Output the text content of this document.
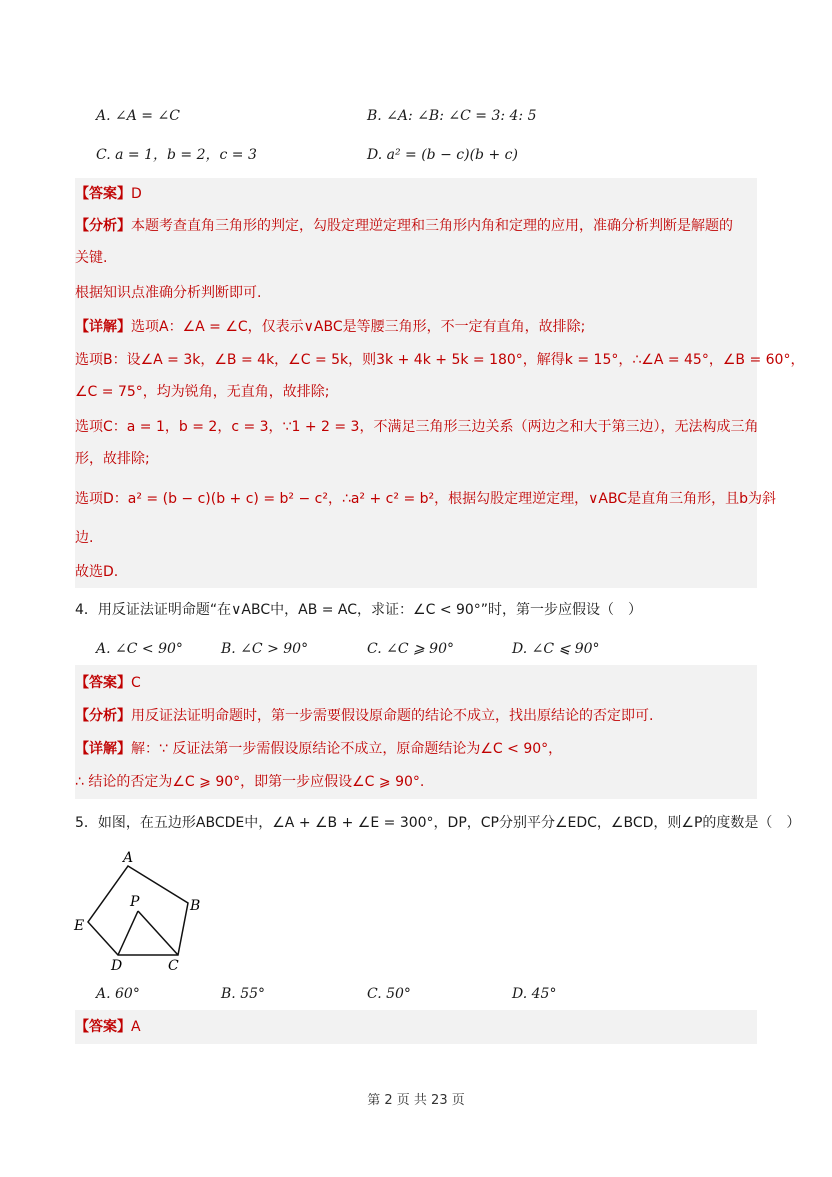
A. ∠A = ∠C	B. ∠A: ∠B: ∠C = 3: 4: 5
C. a = 1，b = 2，c = 3	D. a² = (b − c)(b + c)
【答案】D
【分析】本题考查直角三角形的判定，勾股定理逆定理和三角形内角和定理的应用，准确分析判断是解题的
关键.
根据知识点准确分析判断即可.
【详解】选项A：∠A = ∠C，仅表示∨ABC是等腰三角形，不一定有直角，故排除;
选项B：设∠A = 3k，∠B = 4k，∠C = 5k，则3k + 4k + 5k = 180°，解得k = 15°，∴∠A = 45°，∠B = 60°，
∠C = 75°，均为锐角，无直角，故排除;
选项C：a = 1，b = 2，c = 3，∵1 + 2 = 3，不满足三角形三边关系（两边之和大于第三边），无法构成三角
形，故排除;
选项D：a² = (b − c)(b + c) = b² − c²，∴a² + c² = b²，根据勾股定理逆定理，∨ABC是直角三角形，且b为斜
边.
故选D.
4．用反证法证明命题“在∨ABC中，AB = AC，求证：∠C < 90°”时，第一步应假设（　）
A. ∠C < 90°	B. ∠C > 90°	C. ∠C ⩾ 90°	D. ∠C ⩽ 90°
【答案】C
【分析】用反证法证明命题时，第一步需要假设原命题的结论不成立，找出原结论的否定即可.
【详解】解：∵ 反证法第一步需假设原结论不成立，原命题结论为∠C < 90°，
∴ 结论的否定为∠C ⩾ 90°，即第一步应假设∠C ⩾ 90°.
5．如图，在五边形ABCDE中，∠A + ∠B + ∠E = 300°，DP，CP分别平分∠EDC，∠BCD，则∠P的度数是（　）
A
B
C
D
E
P
A. 60°	B. 55°	C. 50°	D. 45°
【答案】A
第 2 页 共 23 页
